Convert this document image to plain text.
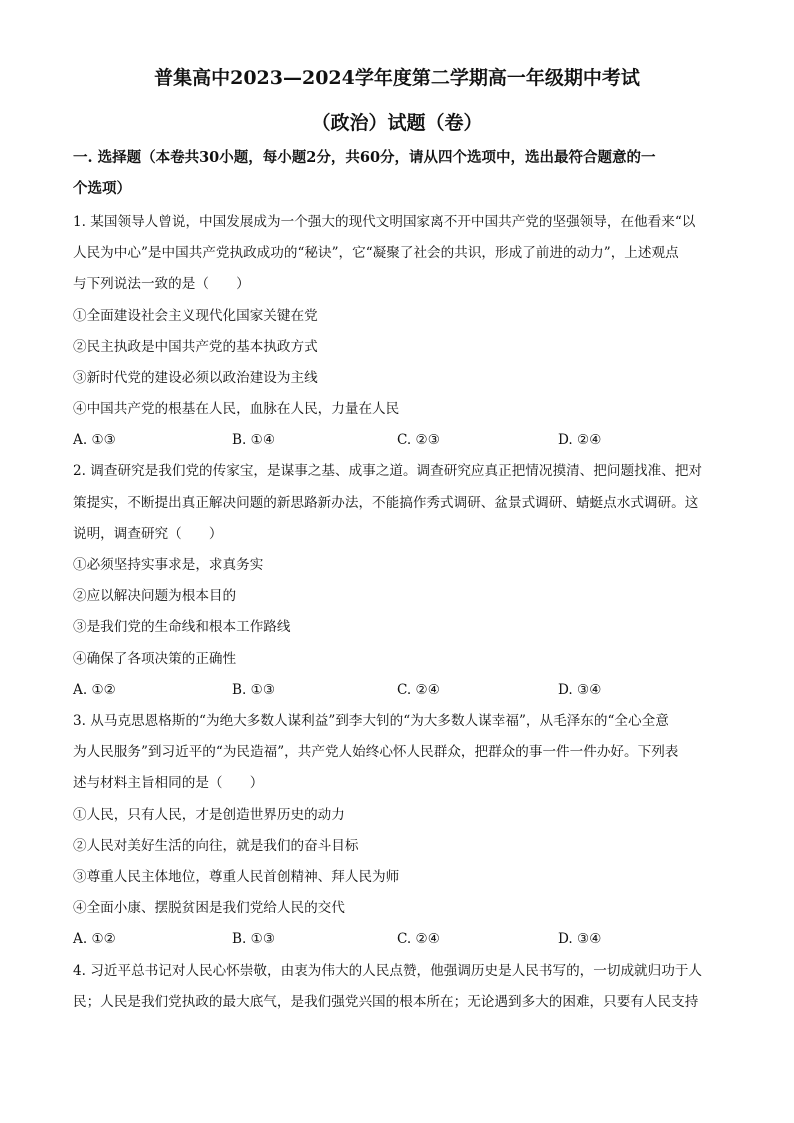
普集高中2023—2024学年度第二学期高一年级期中考试
（政治）试题（卷）
一. 选择题（本卷共30小题，每小题2分，共60分，请从四个选项中，选出最符合题意的一
个选项）
1. 某国领导人曾说，中国发展成为一个强大的现代文明国家离不开中国共产党的坚强领导，在他看来“以
人民为中心”是中国共产党执政成功的“秘诀”，它“凝聚了社会的共识，形成了前进的动力”，上述观点
与下列说法一致的是（　　）
①全面建设社会主义现代化国家关键在党
②民主执政是中国共产党的基本执政方式
③新时代党的建设必须以政治建设为主线
④中国共产党的根基在人民，血脉在人民，力量在人民
A. ①③	B. ①④	C. ②③	D. ②④
2. 调查研究是我们党的传家宝，是谋事之基、成事之道。调查研究应真正把情况摸清、把问题找准、把对
策提实，不断提出真正解决问题的新思路新办法，不能搞作秀式调研、盆景式调研、蜻蜓点水式调研。这
说明，调查研究（　　）
①必须坚持实事求是，求真务实
②应以解决问题为根本目的
③是我们党的生命线和根本工作路线
④确保了各项决策的正确性
A. ①②	B. ①③	C. ②④	D. ③④
3. 从马克思恩格斯的“为绝大多数人谋利益”到李大钊的“为大多数人谋幸福”，从毛泽东的“全心全意
为人民服务”到习近平的“为民造福”，共产党人始终心怀人民群众，把群众的事一件一件办好。下列表
述与材料主旨相同的是（　　）
①人民，只有人民，才是创造世界历史的动力
②人民对美好生活的向往，就是我们的奋斗目标
③尊重人民主体地位，尊重人民首创精神、拜人民为师
④全面小康、摆脱贫困是我们党给人民的交代
A. ①②	B. ①③	C. ②④	D. ③④
4. 习近平总书记对人民心怀崇敬，由衷为伟大的人民点赞，他强调历史是人民书写的，一切成就归功于人
民；人民是我们党执政的最大底气，是我们强党兴国的根本所在；无论遇到多大的困难，只要有人民支持
